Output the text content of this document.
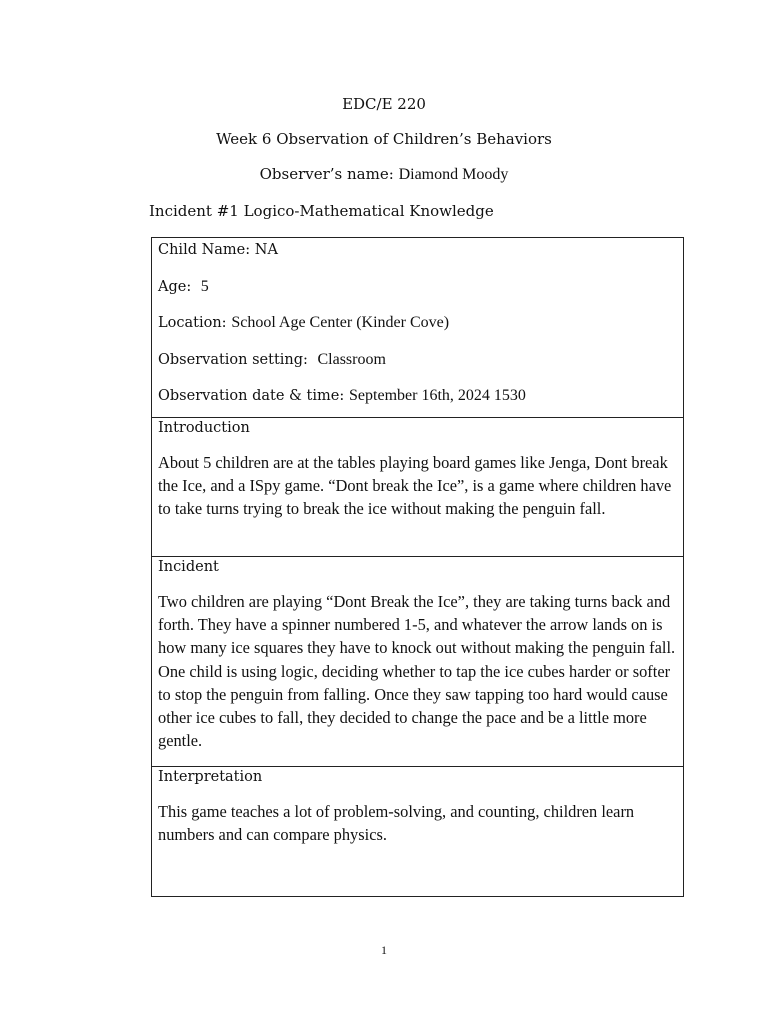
EDC/E 220
Week 6 Observation of Children’s Behaviors
Observer’s name: Diamond Moody
Incident #1 Logico-Mathematical Knowledge
Child Name: NA
Age: 5
Location: School Age Center (Kinder Cove)
Observation setting: Classroom
Observation date & time: September 16th, 2024 1530

Introduction

About 5 children are at the tables playing board games like Jenga, Dont break the Ice, and a ISpy game. “Dont break the Ice”, is a game where children have to take turns trying to break the ice without making the penguin fall.

Incident

Two children are playing “Dont Break the Ice”, they are taking turns back and forth. They have a spinner numbered 1-5, and whatever the arrow lands on is how many ice squares they have to knock out without making the penguin fall. One child is using logic, deciding whether to tap the ice cubes harder or softer to stop the penguin from falling. Once they saw tapping too hard would cause other ice cubes to fall, they decided to change the pace and be a little more gentle.

Interpretation

This game teaches a lot of problem-solving, and counting, children learn numbers and can compare physics.

1
